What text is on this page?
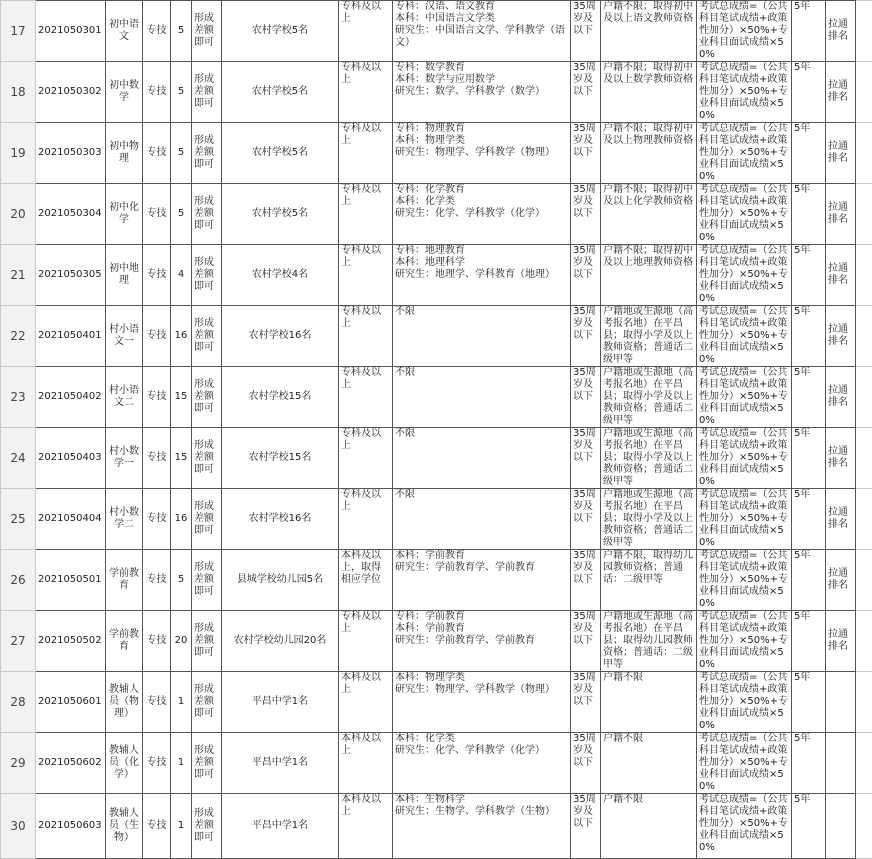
17	2021050301	初中语文	专技	5	形成差额即可	农村学校5名	专科及以上	专科：汉语、语文教育
本科：中国语言文学类
研究生：中国语言文学、学科教学（语文）	35周岁及以下	户籍不限；取得初中及以上语文教师资格	考试总成绩=（公共科目笔试成绩+政策性加分）×50%+专业科目面试成绩×50%	5年	拉通排名	
18	2021050302	初中数学	专技	5	形成差额即可	农村学校5名	专科及以上	专科：数学教育
本科：数学与应用数学
研究生：数学、学科教学（数学）	35周岁及以下	户籍不限；取得初中及以上数学教师资格	考试总成绩=（公共科目笔试成绩+政策性加分）×50%+专业科目面试成绩×50%	5年	拉通排名	
19	2021050303	初中物理	专技	5	形成差额即可	农村学校5名	专科及以上	专科：物理教育
本科：物理学类
研究生：物理学、学科教学（物理）	35周岁及以下	户籍不限；取得初中及以上物理教师资格	考试总成绩=（公共科目笔试成绩+政策性加分）×50%+专业科目面试成绩×50%	5年	拉通排名	
20	2021050304	初中化学	专技	5	形成差额即可	农村学校5名	专科及以上	专科：化学教育
本科：化学类
研究生：化学、学科教学（化学）	35周岁及以下	户籍不限；取得初中及以上化学教师资格	考试总成绩=（公共科目笔试成绩+政策性加分）×50%+专业科目面试成绩×50%	5年	拉通排名	
21	2021050305	初中地理	专技	4	形成差额即可	农村学校4名	专科及以上	专科：地理教育
本科：地理科学
研究生：地理学、学科教育（地理）	35周岁及以下	户籍不限；取得初中及以上地理教师资格	考试总成绩=（公共科目笔试成绩+政策性加分）×50%+专业科目面试成绩×50%	5年	拉通排名	
22	2021050401	村小语文一	专技	16	形成差额即可	农村学校16名	专科及以上	不限	35周岁及以下	户籍地或生源地（高考报名地）在平昌县；取得小学及以上教师资格；普通话二级甲等	考试总成绩=（公共科目笔试成绩+政策性加分）×50%+专业科目面试成绩×50%	5年	拉通排名	
23	2021050402	村小语文二	专技	15	形成差额即可	农村学校15名	专科及以上	不限	35周岁及以下	户籍地或生源地（高考报名地）在平昌县；取得小学及以上教师资格；普通话二级甲等	考试总成绩=（公共科目笔试成绩+政策性加分）×50%+专业科目面试成绩×50%	5年	拉通排名	
24	2021050403	村小数学一	专技	15	形成差额即可	农村学校15名	专科及以上	不限	35周岁及以下	户籍地或生源地（高考报名地）在平昌县；取得小学及以上教师资格；普通话二级甲等	考试总成绩=（公共科目笔试成绩+政策性加分）×50%+专业科目面试成绩×50%	5年	拉通排名	
25	2021050404	村小数学二	专技	16	形成差额即可	农村学校16名	专科及以上	不限	35周岁及以下	户籍地或生源地（高考报名地）在平昌县；取得小学及以上教师资格；普通话二级甲等	考试总成绩=（公共科目笔试成绩+政策性加分）×50%+专业科目面试成绩×50%	5年	拉通排名	
26	2021050501	学前教育	专技	5	形成差额即可	县城学校幼儿园5名	本科及以上，取得相应学位	本科：学前教育
研究生：学前教育学、学前教育	35周岁及以下	户籍不限，取得幼儿园教师资格；普通话：二级甲等	考试总成绩=（公共科目笔试成绩+政策性加分）×50%+专业科目面试成绩×50%	5年	拉通排名	
27	2021050502	学前教育	专技	20	形成差额即可	农村学校幼儿园20名	专科及以上	专科：学前教育
本科：学前教育
研究生：学前教育学、学前教育	35周岁及以下	户籍地或生源地（高考报名地）在平昌县；取得幼儿园教师资格；普通话：二级甲等	考试总成绩=（公共科目笔试成绩+政策性加分）×50%+专业科目面试成绩×50%	5年	拉通排名	
28	2021050601	教辅人员（物理）	专技	1	形成差额即可	平昌中学1名	本科及以上	本科：物理学类
研究生：物理学、学科教学（物理）	35周岁及以下	户籍不限	考试总成绩=（公共科目笔试成绩+政策性加分）×50%+专业科目面试成绩×50%	5年		
29	2021050602	教辅人员（化学）	专技	1	形成差额即可	平昌中学1名	本科及以上	本科：化学类
研究生：化学、学科教学（化学）	35周岁及以下	户籍不限	考试总成绩=（公共科目笔试成绩+政策性加分）×50%+专业科目面试成绩×50%	5年		
30	2021050603	教辅人员（生物）	专技	1	形成差额即可	平昌中学1名	本科及以上	本科：生物科学
研究生：生物学、学科教学（生物）	35周岁及以下	户籍不限	考试总成绩=（公共科目笔试成绩+政策性加分）×50%+专业科目面试成绩×50%	5年		
